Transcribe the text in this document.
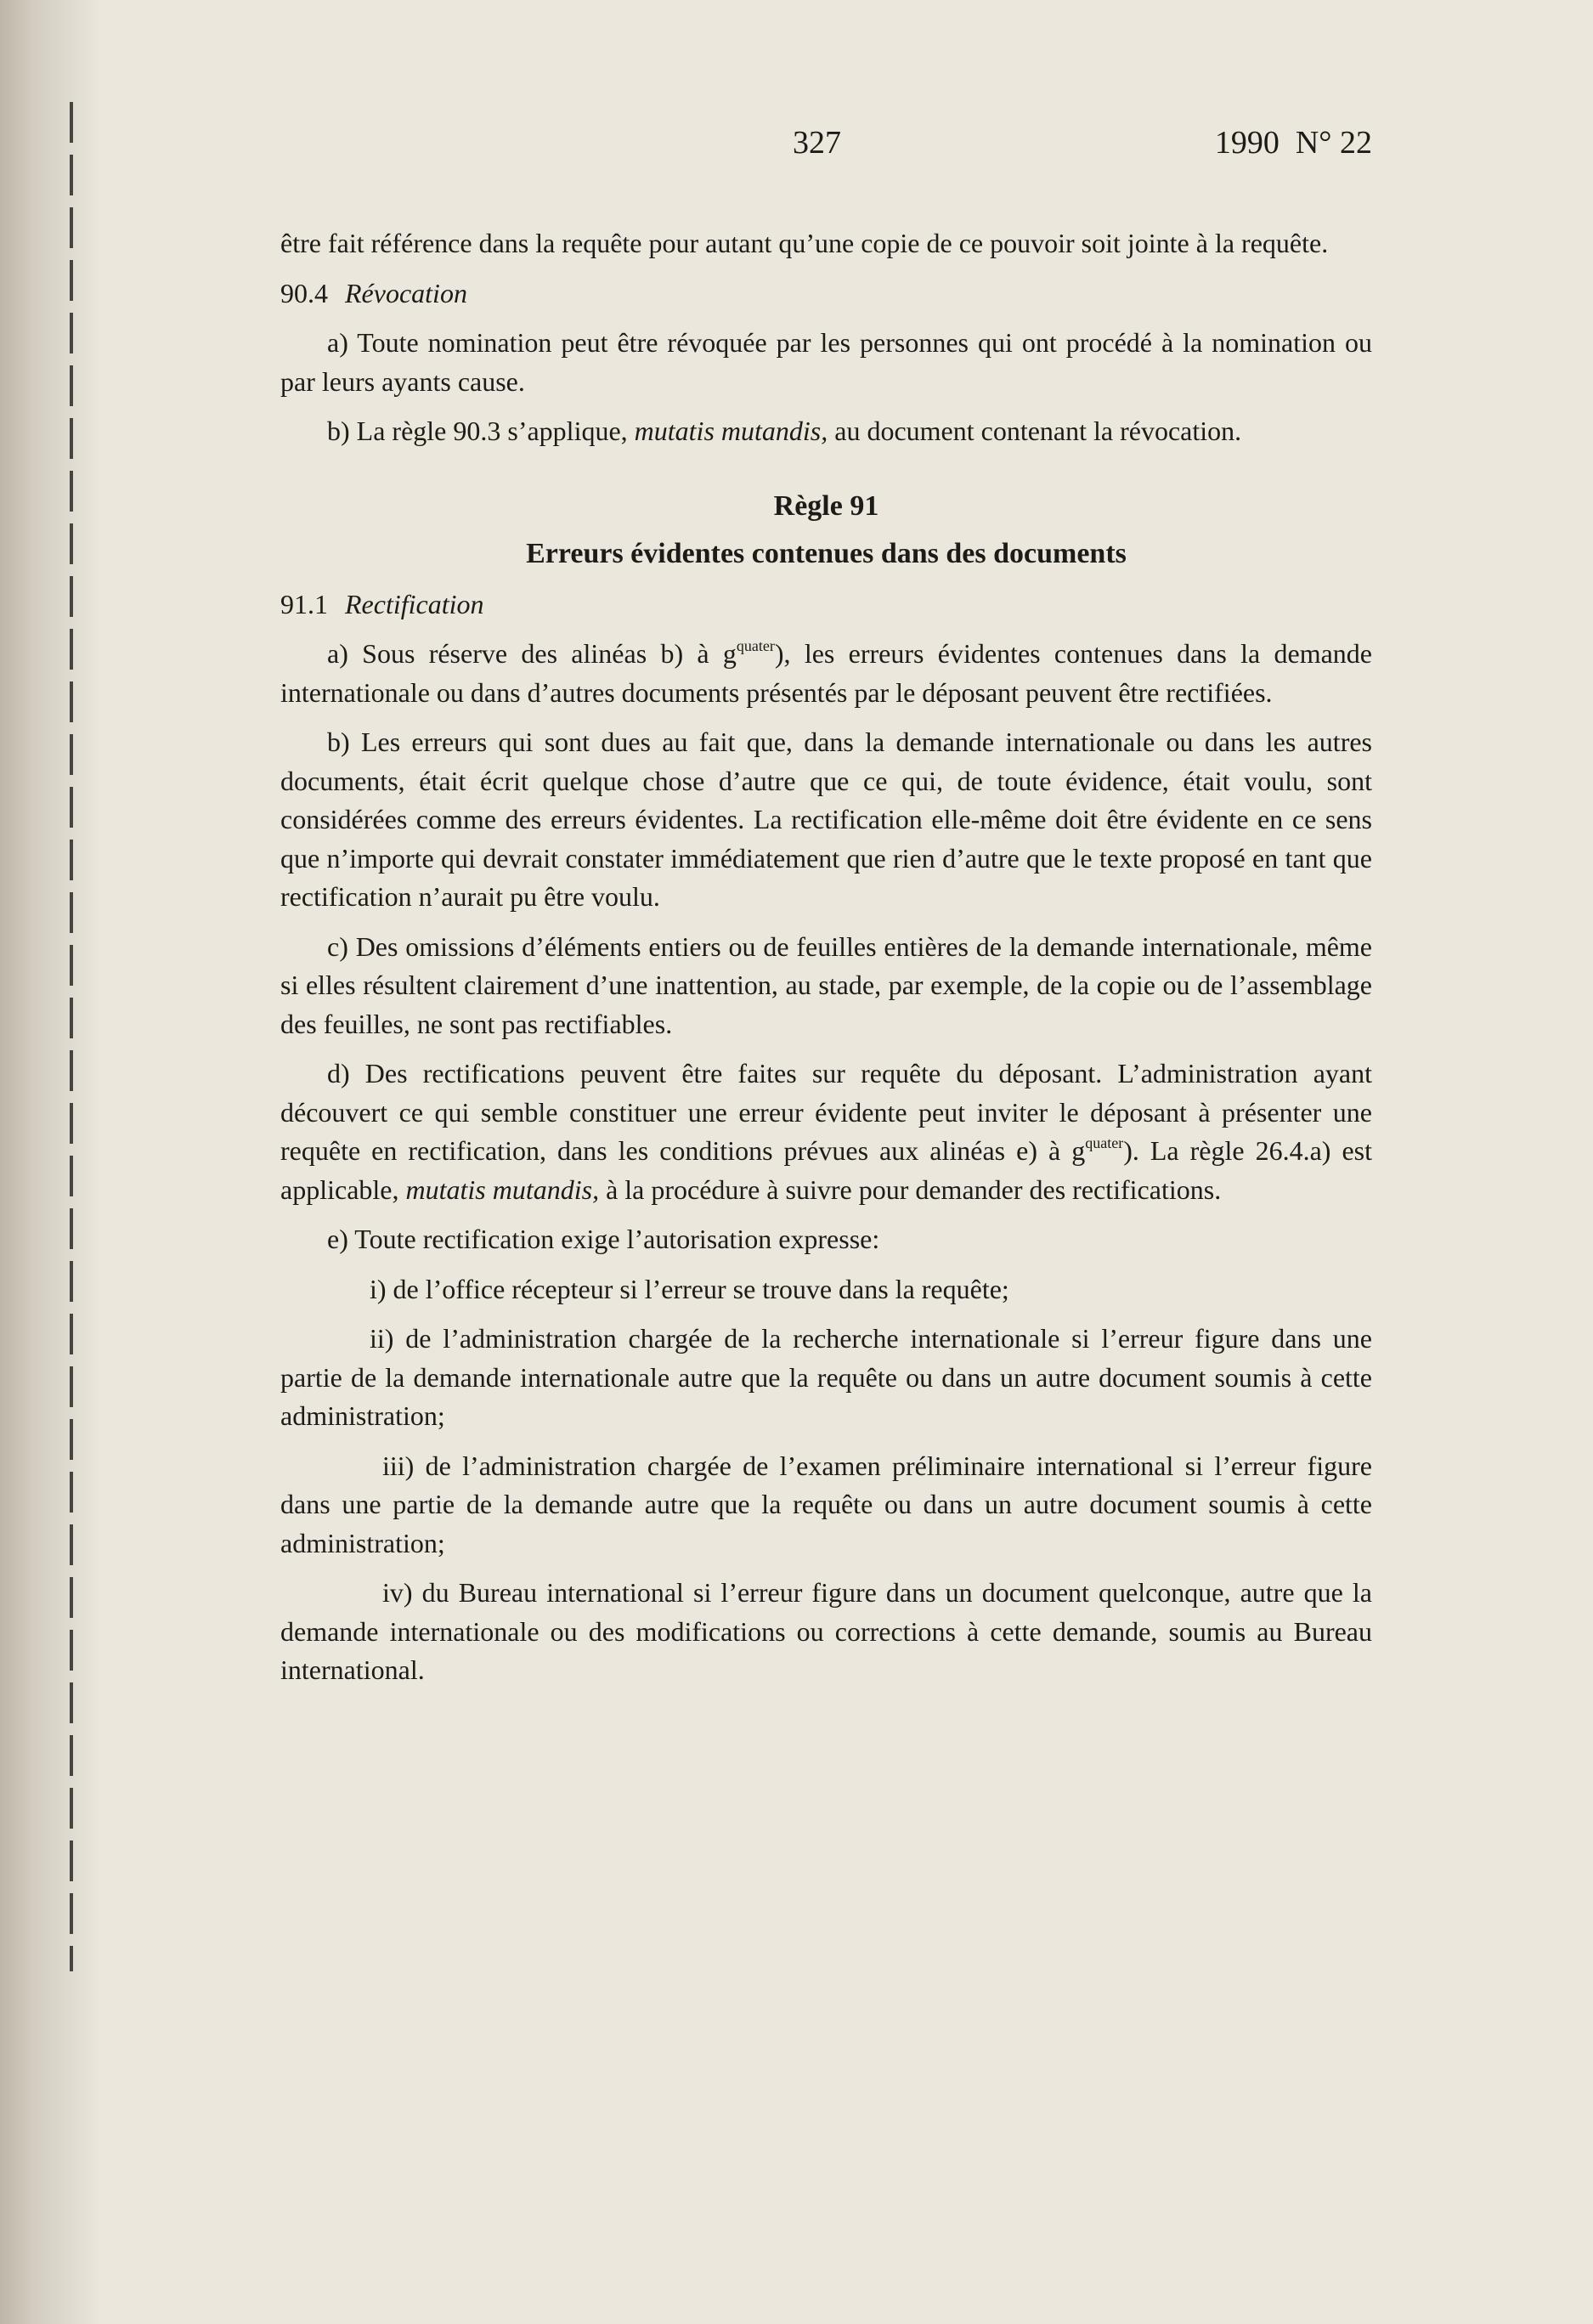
327	1990  N° 22

être fait référence dans la requête pour autant qu’une copie de ce pouvoir soit jointe à la requête.

90.4 Révocation

a) Toute nomination peut être révoquée par les personnes qui ont procédé à la nomination ou par leurs ayants cause.

b) La règle 90.3 s’applique, mutatis mutandis, au document contenant la révocation.

Règle 91
Erreurs évidentes contenues dans des documents
91.1 Rectification

a) Sous réserve des alinéas b) à $g^{quater}$), les erreurs évidentes contenues dans la demande internationale ou dans d’autres documents présentés par le déposant peuvent être rectifiées.

b) Les erreurs qui sont dues au fait que, dans la demande internationale ou dans les autres documents, était écrit quelque chose d’autre que ce qui, de toute évidence, était voulu, sont considérées comme des erreurs évidentes. La rectification elle-même doit être évidente en ce sens que n’importe qui devrait constater immédiatement que rien d’autre que le texte proposé en tant que rectification n’aurait pu être voulu.

c) Des omissions d’éléments entiers ou de feuilles entières de la demande internationale, même si elles résultent clairement d’une inattention, au stade, par exemple, de la copie ou de l’assemblage des feuilles, ne sont pas rectifiables.

d) Des rectifications peuvent être faites sur requête du déposant. L’administration ayant découvert ce qui semble constituer une erreur évidente peut inviter le déposant à présenter une requête en rectification, dans les conditions prévues aux alinéas e) à $g^{quater}$). La règle 26.4.a) est applicable, mutatis mutandis, à la procédure à suivre pour demander des rectifications.

e) Toute rectification exige l’autorisation expresse:

i) de l’office récepteur si l’erreur se trouve dans la requête;

ii) de l’administration chargée de la recherche internationale si l’erreur figure dans une partie de la demande internationale autre que la requête ou dans un autre document soumis à cette administration;

iii) de l’administration chargée de l’examen préliminaire international si l’erreur figure dans une partie de la demande autre que la requête ou dans un autre document soumis à cette administration;

iv) du Bureau international si l’erreur figure dans un document quelconque, autre que la demande internationale ou des modifications ou corrections à cette demande, soumis au Bureau international.
